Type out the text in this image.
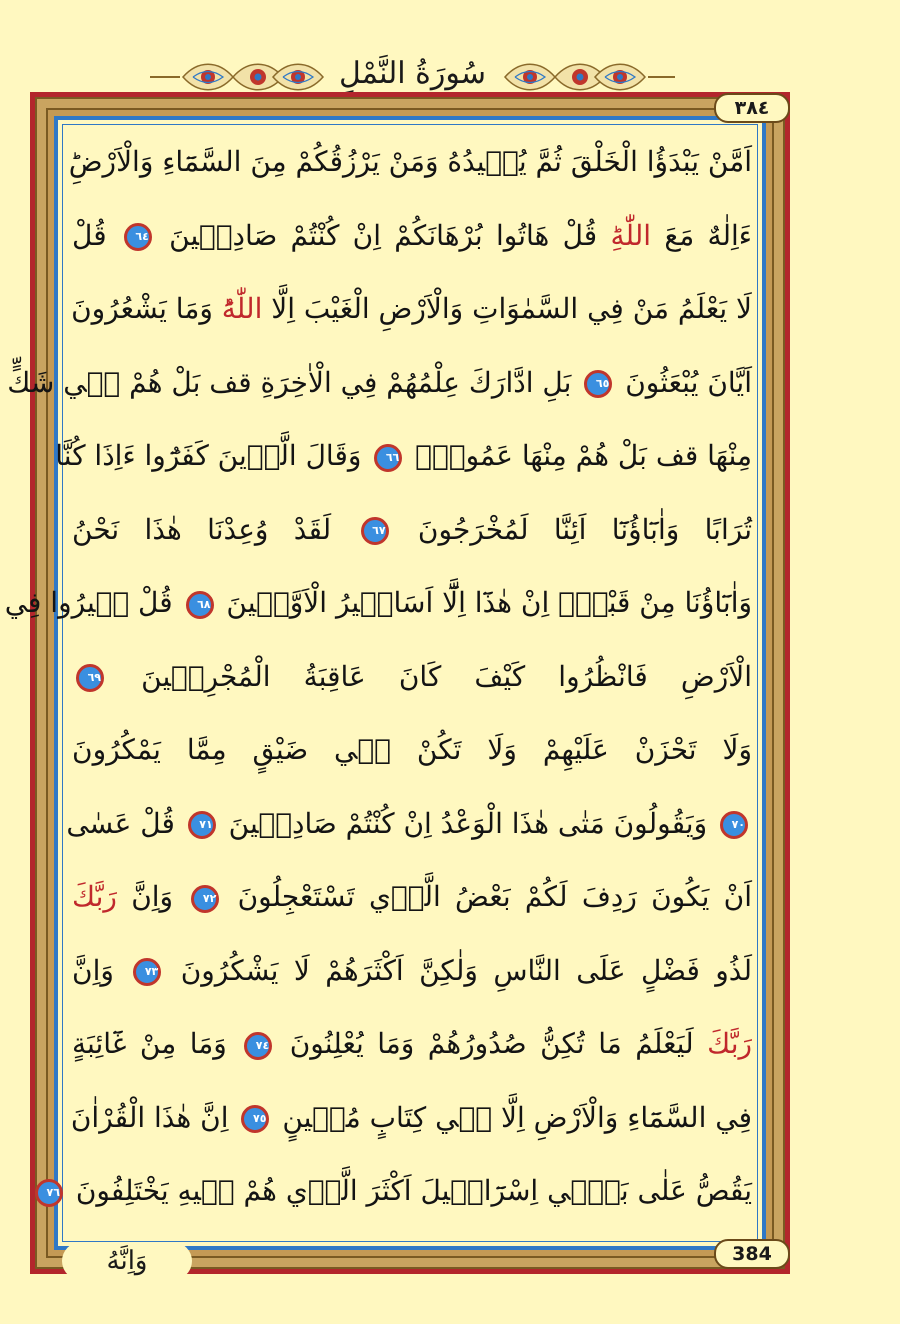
سُورَةُ النَّمْلِ
٣٨٤
384
اَمَّنْ يَبْدَؤُا الْخَلْقَ ثُمَّ يُعٖيدُهُ وَمَنْ يَرْزُقُكُمْ مِنَ السَّمَٓاءِ وَالْاَرْضِؕ
ءَاِلٰهٌ مَعَ اللّٰهِؕ قُلْ هَاتُوا بُرْهَانَكُمْ اِنْ كُنْتُمْ صَادِقٖينَ ٦٤ قُلْ
لَا يَعْلَمُ مَنْ فِي السَّمٰوَاتِ وَالْاَرْضِ الْغَيْبَ اِلَّا اللّٰهُؕ وَمَا يَشْعُرُونَ
اَيَّانَ يُبْعَثُونَ ٦٥ بَلِ ادَّارَكَ عِلْمُهُمْ فِي الْاٰخِرَةِ قف بَلْ هُمْ فٖي شَكٍّ
مِنْهَا قف بَلْ هُمْ مِنْهَا عَمُونَ۟ ٦٦ وَقَالَ الَّذٖينَ كَفَرُٓوا ءَاِذَا كُنَّا
تُرَابًا وَاٰبَٓاؤُنَٓا اَئِنَّا لَمُخْرَجُونَ ٦٧ لَقَدْ وُعِدْنَا هٰذَا نَحْنُ
وَاٰبَٓاؤُنَا مِنْ قَبْلُۙ اِنْ هٰذَٓا اِلَّٓا اَسَاطٖيرُ الْاَوَّلٖينَ ٦٨ قُلْ سٖيرُوا فِي
الْاَرْضِ فَانْظُرُوا كَيْفَ كَانَ عَاقِبَةُ الْمُجْرِمٖينَ ٦٩
وَلَا تَحْزَنْ عَلَيْهِمْ وَلَا تَكُنْ فٖي ضَيْقٍ مِمَّا يَمْكُرُونَ
٧٠ وَيَقُولُونَ مَتٰى هٰذَا الْوَعْدُ اِنْ كُنْتُمْ صَادِقٖينَ ٧١ قُلْ عَسٰى
اَنْ يَكُونَ رَدِفَ لَكُمْ بَعْضُ الَّذٖي تَسْتَعْجِلُونَ ٧٢ وَاِنَّ رَبَّكَ
لَذُو فَضْلٍ عَلَى النَّاسِ وَلٰكِنَّ اَكْثَرَهُمْ لَا يَشْكُرُونَ ٧٣ وَاِنَّ
رَبَّكَ لَيَعْلَمُ مَا تُكِنُّ صُدُورُهُمْ وَمَا يُعْلِنُونَ ٧٤ وَمَا مِنْ غَٓائِبَةٍ
فِي السَّمَٓاءِ وَالْاَرْضِ اِلَّا فٖي كِتَابٍ مُبٖينٍ ٧٥ اِنَّ هٰذَا الْقُرْاٰنَ
يَقُصُّ عَلٰى بَنٖٓي اِسْرَٓائٖيلَ اَكْثَرَ الَّذٖي هُمْ فٖيهِ يَخْتَلِفُونَ ٧٦
وَاِنَّهُ
